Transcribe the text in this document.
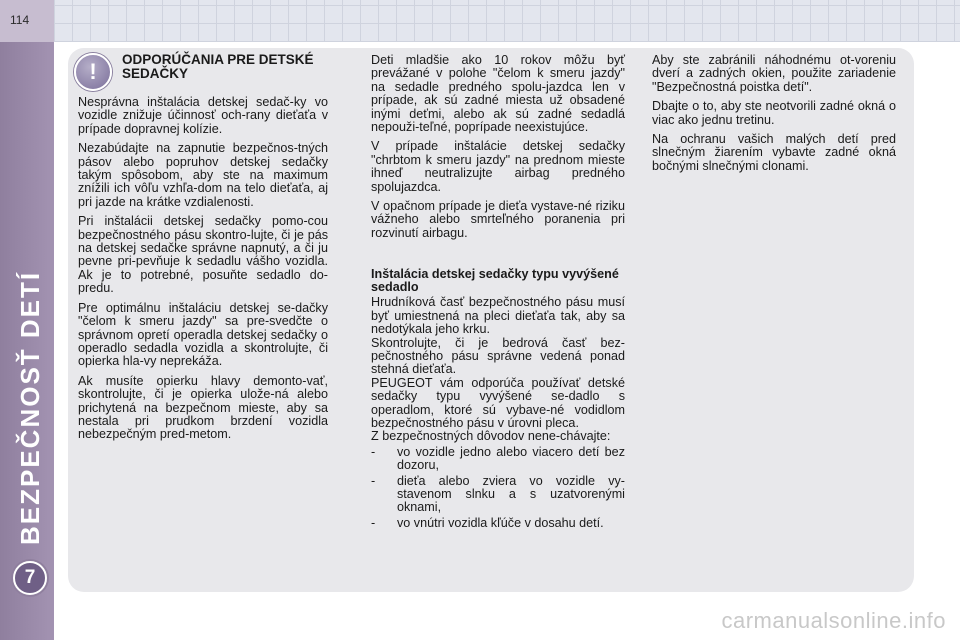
114
7
!	ODPORÚČANIA PRE DETSKÉ SEDAČKY

Nesprávna inštalácia detskej sedač-ky vo vozidle znižuje účinnosť och-rany dieťaťa v prípade dopravnej kolízie.

Nezabúdajte na zapnutie bezpečnos-tných pásov alebo popruhov detskej sedačky takým spôsobom, aby ste na maximum znížili ich vôľu vzhľa-dom na telo dieťaťa, aj pri jazde na krátke vzdialenosti.

Pri inštalácii detskej sedačky pomo-cou bezpečnostného pásu skontro-lujte, či je pás na detskej sedačke správne napnutý, a či ju pevne pri-pevňuje k sedadlu vášho vozidla. Ak je to potrebné, posuňte sedadlo do-predu.

Pre optimálnu inštaláciu detskej se-dačky "čelom k smeru jazdy" sa pre-svedčte o správnom opretí operadla detskej sedačky o operadlo sedadla vozidla a skontrolujte, či opierka hla-vy neprekáža.

Ak musíte opierku hlavy demonto-vať, skontrolujte, či je opierka ulože-ná alebo prichytená na bezpečnom mieste, aby sa nestala pri prudkom brzdení vozidla nebezpečným pred-metom.

Deti mladšie ako 10 rokov môžu byť prevážané v polohe "čelom k smeru jazdy" na sedadle predného spolu-jazdca len v prípade, ak sú zadné miesta už obsadené inými deťmi, alebo ak sú zadné sedadlá nepouži-teľné, poprípade neexistujúce.

V prípade inštalácie detskej sedačky "chrbtom k smeru jazdy" na prednom mieste ihneď neutralizujte airbag predného spolujazdca.

V opačnom prípade je dieťa vystave-né riziku vážneho alebo smrteľného poranenia pri rozvinutí airbagu.

Inštalácia detskej sedačky typu vyvýšené sedadlo

Hrudníková časť bezpečnostného pásu musí byť umiestnená na pleci dieťaťa tak, aby sa nedotýkala jeho krku.

Skontrolujte, či je bedrová časť bez-pečnostného pásu správne vedená ponad stehná dieťaťa.

PEUGEOT vám odporúča používať detské sedačky typu vyvýšené se-dadlo s operadlom, ktoré sú vybave-né vodidlom bezpečnostného pásu v úrovni pleca.

Z bezpečnostných dôvodov nene-chávajte:

-	vo vozidle jedno alebo viacero detí bez dozoru,
-	dieťa alebo zviera vo vozidle vy-stavenom slnku a s uzatvorenými oknami,
-	vo vnútri vozidla kľúče v dosahu detí.

Aby ste zabránili náhodnému ot-voreniu dverí a zadných okien, použite zariadenie "Bezpečnostná poistka detí".

Dbajte o to, aby ste neotvorili zadné okná o viac ako jednu tretinu.

Na ochranu vašich malých detí pred slnečným žiarením vybavte zadné okná bočnými slnečnými clonami.

carmanualsonline.info
